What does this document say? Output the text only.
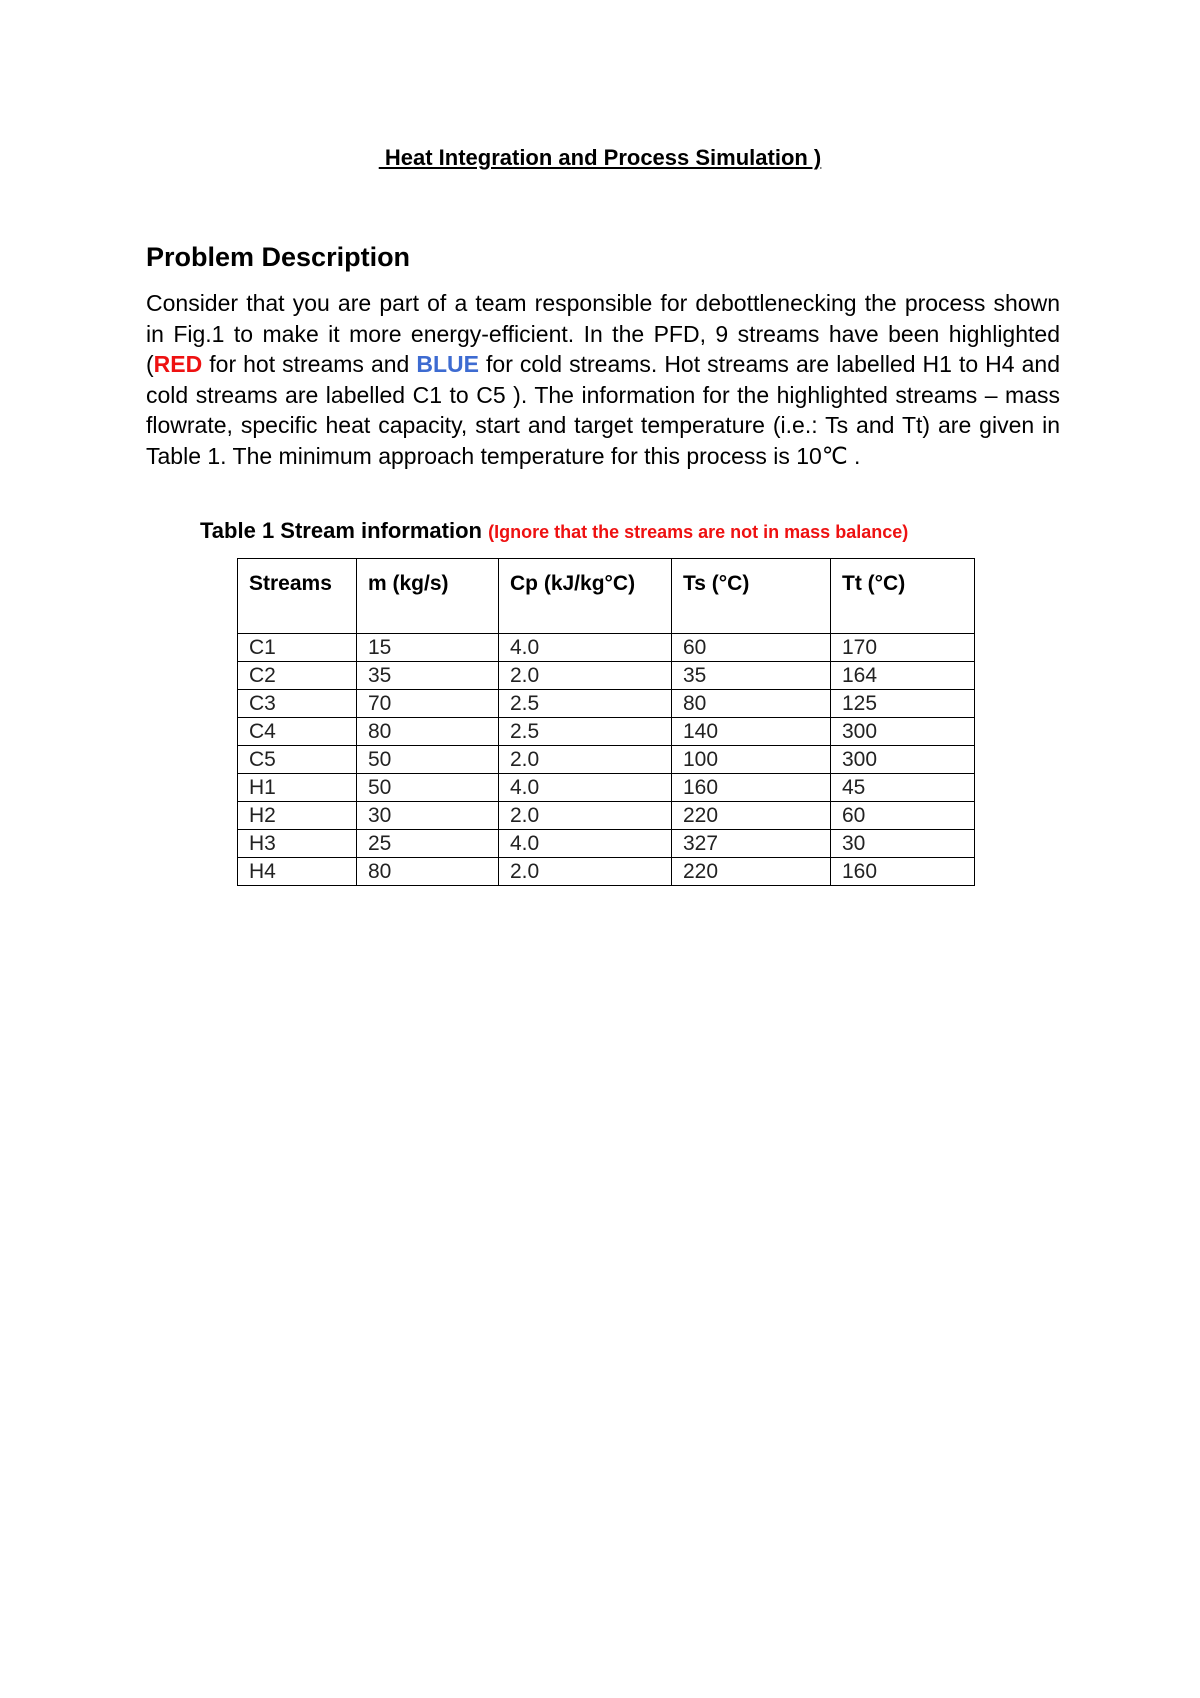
Heat Integration and Process Simulation )
Problem Description
Consider that you are part of a team responsible for debottlenecking the process shown in Fig.1 to make it more energy-efficient. In the PFD, 9 streams have been highlighted (RED for hot streams and BLUE for cold streams. Hot streams are labelled H1 to H4 and cold streams are labelled C1 to C5 ). The information for the highlighted streams – mass flowrate, specific heat capacity, start and target temperature (i.e.: Ts and Tt) are given in Table 1. The minimum approach temperature for this process is 10℃ .
Table 1 Stream information (Ignore that the streams are not in mass balance)
Streams	m (kg/s)	Cp (kJ/kg°C)	Ts (°C)	Tt (°C)
C1	15	4.0	60	170
C2	35	2.0	35	164
C3	70	2.5	80	125
C4	80	2.5	140	300
C5	50	2.0	100	300
H1	50	4.0	160	45
H2	30	2.0	220	60
H3	25	4.0	327	30
H4	80	2.0	220	160
